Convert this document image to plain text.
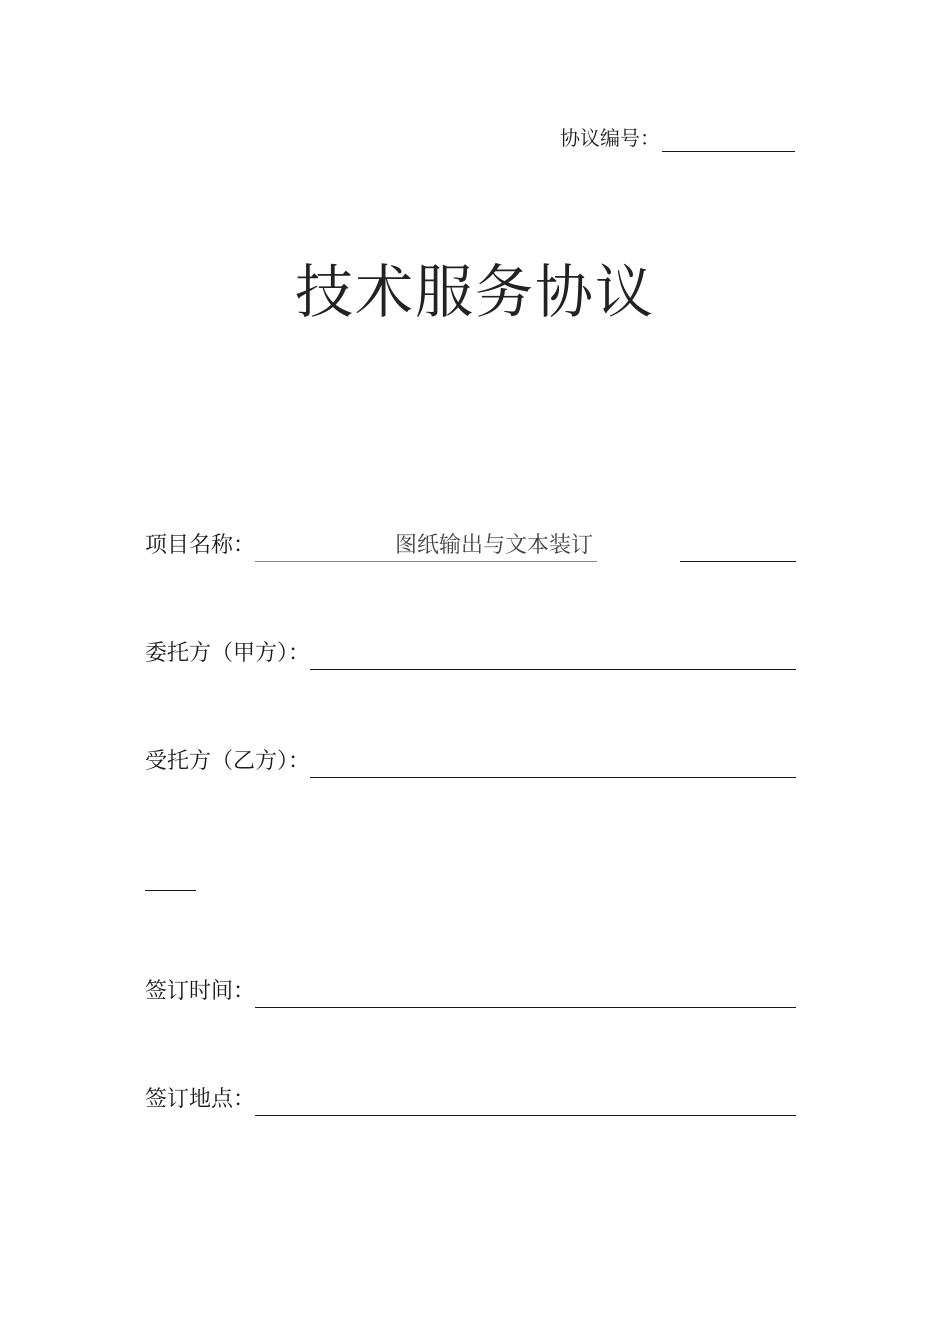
协议编号：
技术服务协议
项目名称：	图纸输出与文本装订
委托方（甲方）：
受托方（乙方）：
签订时间：
签订地点：
